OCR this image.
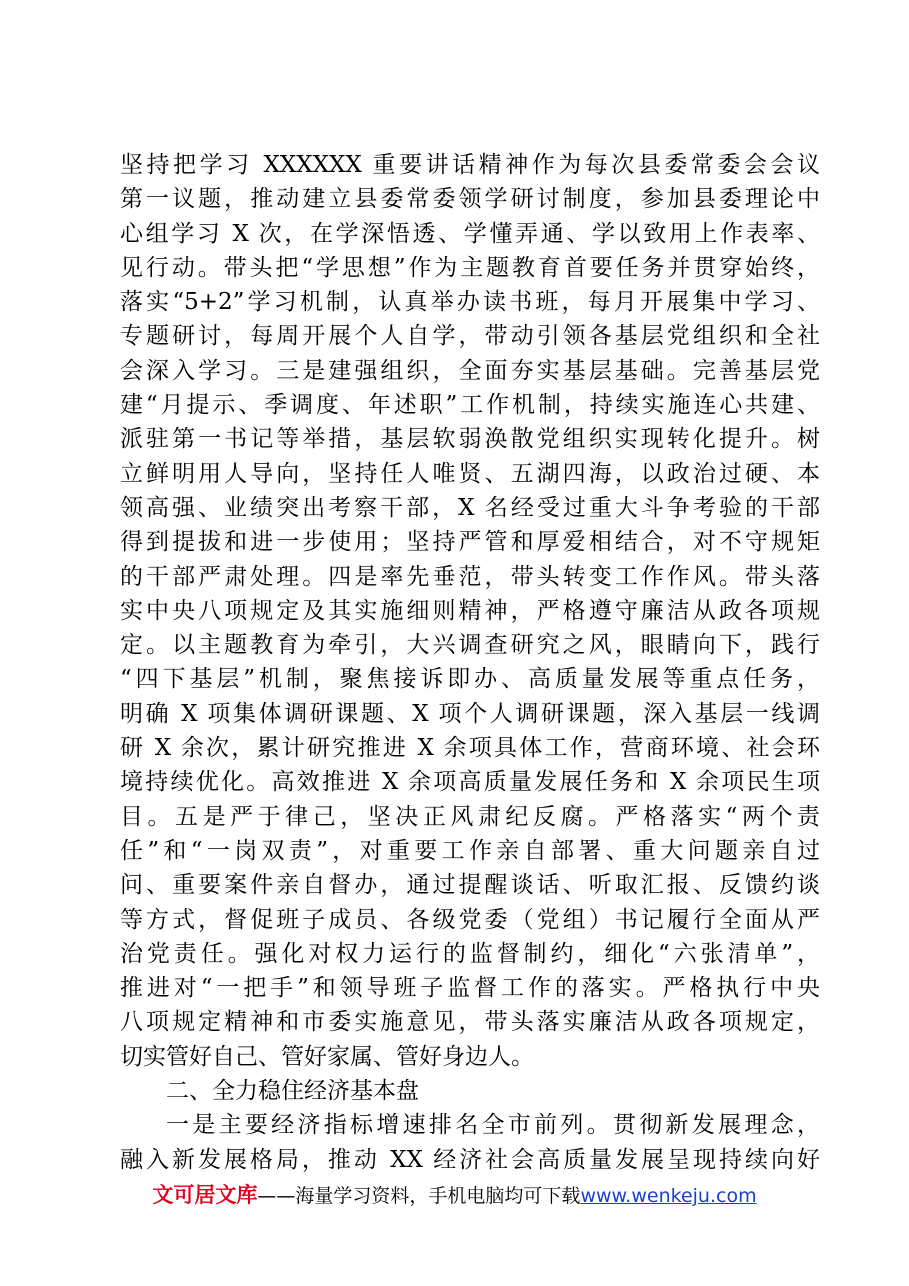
坚持把学习 XXXXXX 重要讲话精神作为每次县委常委会会议
第一议题，推动建立县委常委领学研讨制度，参加县委理论中
心组学习 X 次，在学深悟透、学懂弄通、学以致用上作表率、
见行动。带头把“学思想”作为主题教育首要任务并贯穿始终，
落实“5+2”学习机制，认真举办读书班，每月开展集中学习、
专题研讨，每周开展个人自学，带动引领各基层党组织和全社
会深入学习。三是建强组织，全面夯实基层基础。完善基层党
建“月提示、季调度、年述职”工作机制，持续实施连心共建、
派驻第一书记等举措，基层软弱涣散党组织实现转化提升。树
立鲜明用人导向，坚持任人唯贤、五湖四海，以政治过硬、本
领高强、业绩突出考察干部，X 名经受过重大斗争考验的干部
得到提拔和进一步使用；坚持严管和厚爱相结合，对不守规矩
的干部严肃处理。四是率先垂范，带头转变工作作风。带头落
实中央八项规定及其实施细则精神，严格遵守廉洁从政各项规
定。以主题教育为牵引，大兴调查研究之风，眼睛向下，践行
“四下基层”机制，聚焦接诉即办、高质量发展等重点任务，
明确 X 项集体调研课题、X 项个人调研课题，深入基层一线调
研 X 余次，累计研究推进 X 余项具体工作，营商环境、社会环
境持续优化。高效推进 X 余项高质量发展任务和 X 余项民生项
目。五是严于律己，坚决正风肃纪反腐。严格落实“两个责
任”和“一岗双责”，对重要工作亲自部署、重大问题亲自过
问、重要案件亲自督办，通过提醒谈话、听取汇报、反馈约谈
等方式，督促班子成员、各级党委（党组）书记履行全面从严
治党责任。强化对权力运行的监督制约，细化“六张清单”，
推进对“一把手”和领导班子监督工作的落实。严格执行中央
八项规定精神和市委实施意见，带头落实廉洁从政各项规定，
切实管好自己、管好家属、管好身边人。
二、全力稳住经济基本盘
一是主要经济指标增速排名全市前列。贯彻新发展理念，
融入新发展格局，推动 XX 经济社会高质量发展呈现持续向好
文可居文库——海量学习资料，手机电脑均可下载www.wenkeju.com
